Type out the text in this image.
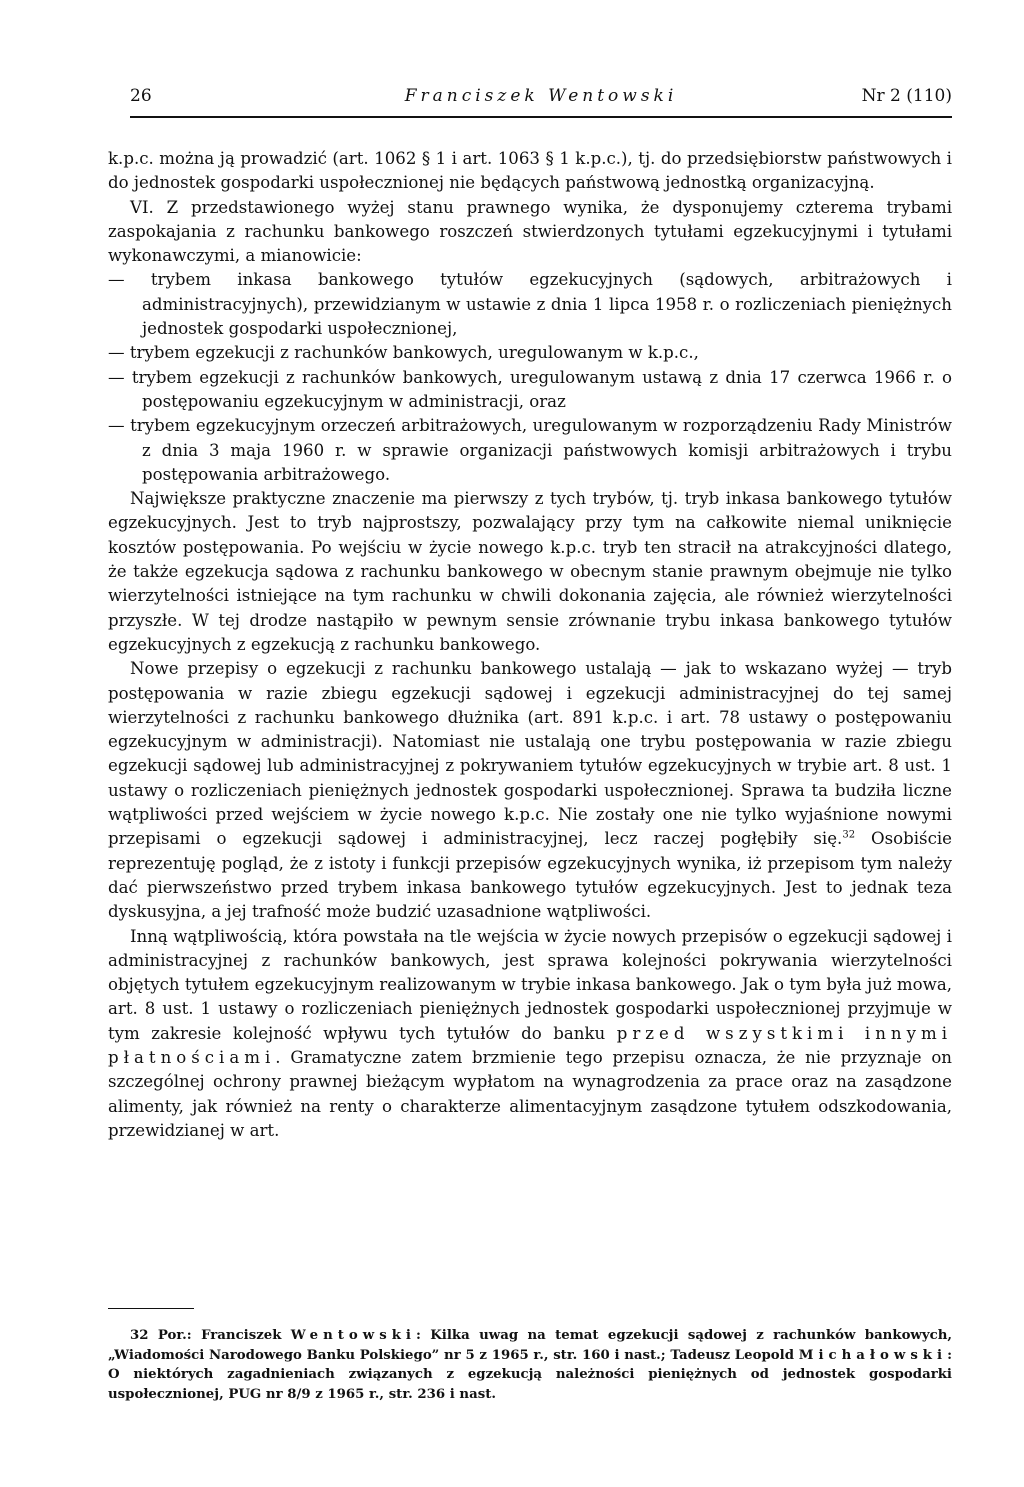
26	Franciszek Wentowski	Nr 2 (110)

k.p.c. można ją prowadzić (art. 1062 § 1 i art. 1063 § 1 k.p.c.), tj. do przedsiębiorstw państwowych i do jednostek gospodarki uspołecznionej nie będących państwową jednostką organizacyjną.

VI. Z przedstawionego wyżej stanu prawnego wynika, że dysponujemy czterema trybami zaspokajania z rachunku bankowego roszczeń stwierdzonych tytułami egzekucyjnymi i tytułami wykonawczymi, a mianowicie:

— trybem inkasa bankowego tytułów egzekucyjnych (sądowych, arbitrażowych i administracyjnych), przewidzianym w ustawie z dnia 1 lipca 1958 r. o rozliczeniach pieniężnych jednostek gospodarki uspołecznionej,

— trybem egzekucji z rachunków bankowych, uregulowanym w k.p.c.,

— trybem egzekucji z rachunków bankowych, uregulowanym ustawą z dnia 17 czerwca 1966 r. o postępowaniu egzekucyjnym w administracji, oraz

— trybem egzekucyjnym orzeczeń arbitrażowych, uregulowanym w rozporządzeniu Rady Ministrów z dnia 3 maja 1960 r. w sprawie organizacji państwowych komisji arbitrażowych i trybu postępowania arbitrażowego.

Największe praktyczne znaczenie ma pierwszy z tych trybów, tj. tryb inkasa bankowego tytułów egzekucyjnych. Jest to tryb najprostszy, pozwalający przy tym na całkowite niemal uniknięcie kosztów postępowania. Po wejściu w życie nowego k.p.c. tryb ten stracił na atrakcyjności dlatego, że także egzekucja sądowa z rachunku bankowego w obecnym stanie prawnym obejmuje nie tylko wierzytelności istniejące na tym rachunku w chwili dokonania zajęcia, ale również wierzytelności przyszłe. W tej drodze nastąpiło w pewnym sensie zrównanie trybu inkasa bankowego tytułów egzekucyjnych z egzekucją z rachunku bankowego.

Nowe przepisy o egzekucji z rachunku bankowego ustalają — jak to wskazano wyżej — tryb postępowania w razie zbiegu egzekucji sądowej i egzekucji administracyjnej do tej samej wierzytelności z rachunku bankowego dłużnika (art. 891 k.p.c. i art. 78 ustawy o postępowaniu egzekucyjnym w administracji). Natomiast nie ustalają one trybu postępowania w razie zbiegu egzekucji sądowej lub administracyjnej z pokrywaniem tytułów egzekucyjnych w trybie art. 8 ust. 1 ustawy o rozliczeniach pieniężnych jednostek gospodarki uspołecznionej. Sprawa ta budziła liczne wątpliwości przed wejściem w życie nowego k.p.c. Nie zostały one nie tylko wyjaśnione nowymi przepisami o egzekucji sądowej i administracyjnej, lecz raczej pogłębiły się.$^{32}$ Osobiście reprezentuję pogląd, że z istoty i funkcji przepisów egzekucyjnych wynika, iż przepisom tym należy dać pierwszeństwo przed trybem inkasa bankowego tytułów egzekucyjnych. Jest to jednak teza dyskusyjna, a jej trafność może budzić uzasadnione wątpliwości.

Inną wątpliwością, która powstała na tle wejścia w życie nowych przepisów o egzekucji sądowej i administracyjnej z rachunków bankowych, jest sprawa kolejności pokrywania wierzytelności objętych tytułem egzekucyjnym realizowanym w trybie inkasa bankowego. Jak o tym była już mowa, art. 8 ust. 1 ustawy o rozliczeniach pieniężnych jednostek gospodarki uspołecznionej przyjmuje w tym zakresie kolejność wpływu tych tytułów do banku przed wszystkimi innymi płatnościami. Gramatyczne zatem brzmienie tego przepisu oznacza, że nie przyznaje on szczególnej ochrony prawnej bieżącym wypłatom na wynagrodzenia za prace oraz na zasądzone alimenty, jak również na renty o charakterze alimentacyjnym zasądzone tytułem odszkodowania, przewidzianej w art.

32 Por.: Franciszek Wentowski: Kilka uwag na temat egzekucji sądowej z rachunków bankowych, „Wiadomości Narodowego Banku Polskiego” nr 5 z 1965 r., str. 160 i nast.; Tadeusz Leopold Michałowski: O niektórych zagadnieniach związanych z egzekucją należności pieniężnych od jednostek gospodarki uspołecznionej, PUG nr 8/9 z 1965 r., str. 236 i nast.
